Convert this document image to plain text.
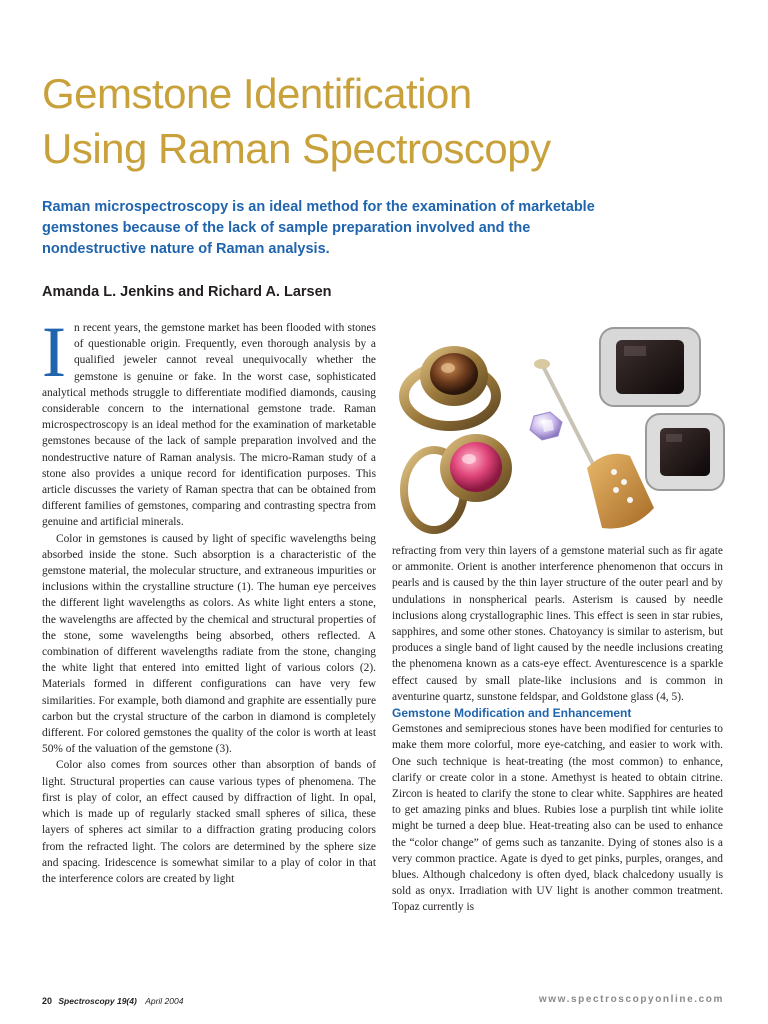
Gemstone Identification
Using Raman Spectroscopy

Raman microspectroscopy is an ideal method for the examination of marketable gemstones because of the lack of sample preparation involved and the nondestructive nature of Raman analysis.

Amanda L. Jenkins and Richard A. Larsen

I n recent years, the gemstone market has been flooded with stones of questionable origin. Frequently, even thorough analysis by a qualified jeweler cannot reveal unequivocally whether the gemstone is genuine or fake. In the worst case, sophisticated analytical methods struggle to differentiate modified diamonds, causing considerable concern to the international gemstone trade. Raman microspectroscopy is an ideal method for the examination of marketable gemstones because of the lack of sample preparation involved and the nondestructive nature of Raman analysis. The micro-Raman study of a stone also provides a unique record for identification purposes. This article discusses the variety of Raman spectra that can be obtained from different families of gemstones, comparing and contrasting spectra from genuine and artificial minerals.

Color in gemstones is caused by light of specific wavelengths being absorbed inside the stone. Such absorption is a characteristic of the gemstone material, the molecular structure, and extraneous impurities or inclusions within the crystalline structure (1). The human eye perceives the different light wavelengths as colors. As white light enters a stone, the wavelengths are affected by the chemical and structural properties of the stone, some wavelengths being absorbed, others reflected. A combination of different wavelengths radiate from the stone, changing the white light that entered into emitted light of various colors (2). Materials formed in different configurations can have very few similarities. For example, both diamond and graphite are essentially pure carbon but the crystal structure of the carbon in diamond is completely different. For colored gemstones the quality of the color is worth at least 50% of the valuation of the gemstone (3).

Color also comes from sources other than absorption of bands of light. Structural properties can cause various types of phenomena. The first is play of color, an effect caused by diffraction of light. In opal, which is made up of regularly stacked small spheres of silica, these layers of spheres act similar to a diffraction grating producing colors from the refracted light. The colors are determined by the sphere size and spacing. Iridescence is somewhat similar to a play of color in that the interference colors are created by light

refracting from very thin layers of a gemstone material such as fir agate or ammonite. Orient is another interference phenomenon that occurs in pearls and is caused by the thin layer structure of the outer pearl and by undulations in nonspherical pearls. Asterism is caused by needle inclusions along crystallographic lines. This effect is seen in star rubies, sapphires, and some other stones. Chatoyancy is similar to asterism, but produces a single band of light caused by the needle inclusions creating the phenomena known as a cats-eye effect. Aventurescence is a sparkle effect caused by small plate-like inclusions and is common in aventurine quartz, sunstone feldspar, and Goldstone glass (4, 5).

Gemstone Modification and Enhancement

Gemstones and semiprecious stones have been modified for centuries to make them more colorful, more eye-catching, and easier to work with. One such technique is heat-treating (the most common) to enhance, clarify or create color in a stone. Amethyst is heated to obtain citrine. Zircon is heated to clarify the stone to clear white. Sapphires are heated to get amazing pinks and blues. Rubies lose a purplish tint while iolite might be turned a deep blue. Heat-treating also can be used to enhance the “color change” of gems such as tanzanite. Dying of stones also is a very common practice. Agate is dyed to get pinks, purples, oranges, and blues. Although chalcedony is often dyed, black chalcedony usually is sold as onyx. Irradiation with UV light is another common treatment. Topaz currently is

20 Spectroscopy 19(4) April 2004	www.spectroscopyonline.com
